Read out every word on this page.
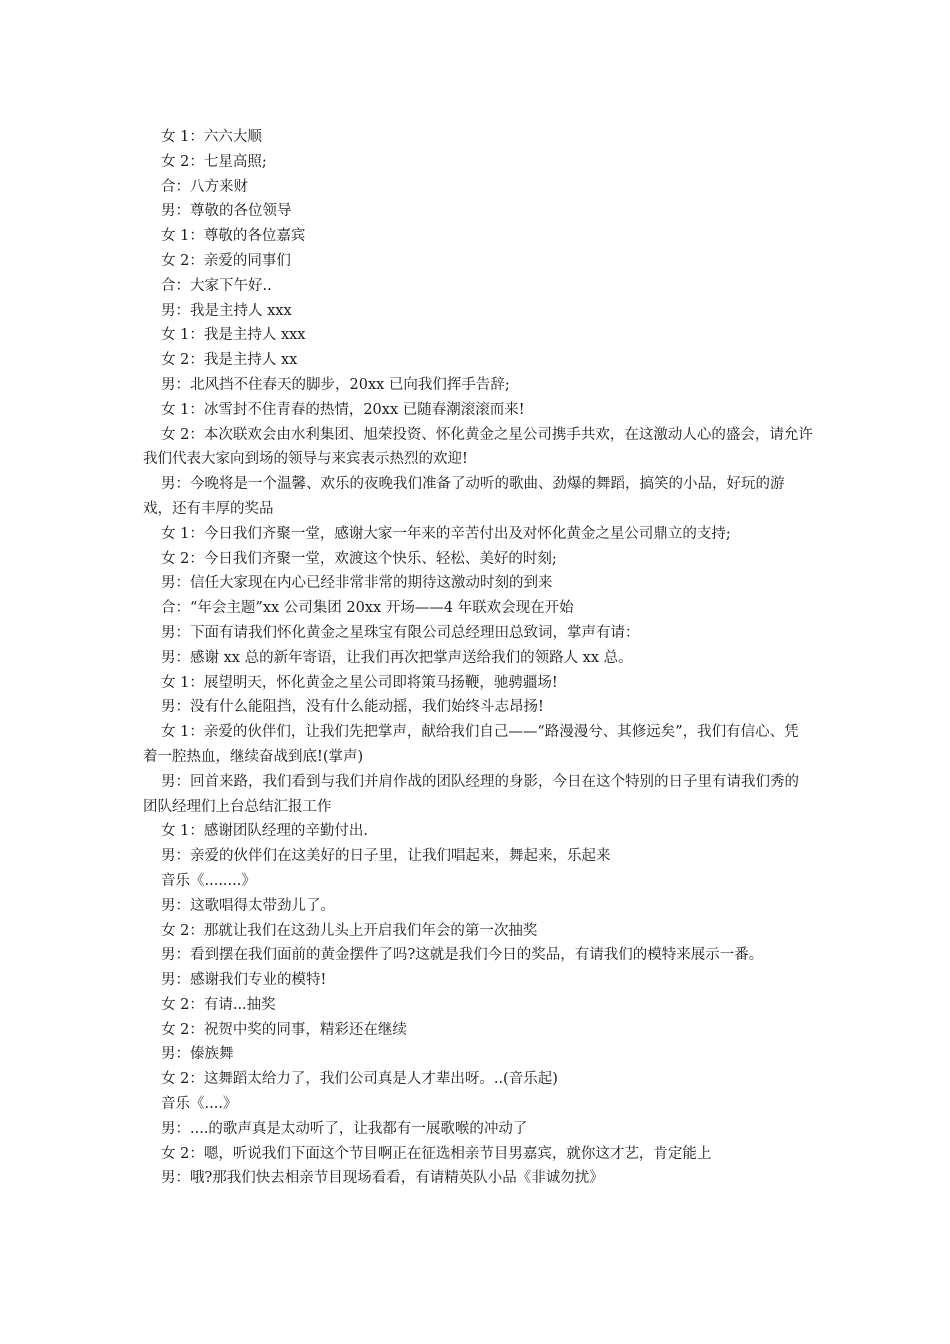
女 1：六六大顺

女 2：七星高照;

合：八方来财

男：尊敬的各位领导

女 1：尊敬的各位嘉宾

女 2：亲爱的同事们

合：大家下午好..

男：我是主持人 xxx

女 1：我是主持人 xxx

女 2：我是主持人 xx

男：北风挡不住春天的脚步，20xx 已向我们挥手告辞;

女 1：冰雪封不住青春的热情，20xx 已随春潮滚滚而来!

女 2：本次联欢会由水利集团、旭荣投资、怀化黄金之星公司携手共欢，在这激动人心的盛会，请允许我们代表大家向到场的领导与来宾表示热烈的欢迎!

男：今晚将是一个温馨、欢乐的夜晚我们准备了动听的歌曲、劲爆的舞蹈，搞笑的小品，好玩的游戏，还有丰厚的奖品

女 1：今日我们齐聚一堂，感谢大家一年来的辛苦付出及对怀化黄金之星公司鼎立的支持;

女 2：今日我们齐聚一堂，欢渡这个快乐、轻松、美好的时刻;

男：信任大家现在内心已经非常非常的期待这激动时刻的到来

合：“年会主题”xx 公司集团 20xx 开场——4 年联欢会现在开始

男：下面有请我们怀化黄金之星珠宝有限公司总经理田总致词，掌声有请：

男：感谢 xx 总的新年寄语，让我们再次把掌声送给我们的领路人 xx 总。

女 1：展望明天，怀化黄金之星公司即将策马扬鞭，驰骋疆场!

男：没有什么能阻挡，没有什么能动摇，我们始终斗志昂扬!

女 1：亲爱的伙伴们，让我们先把掌声，献给我们自己——“路漫漫兮、其修远矣”，我们有信心、凭着一腔热血，继续奋战到底!(掌声)

男：回首来路，我们看到与我们并肩作战的团队经理的身影，今日在这个特别的日子里有请我们秀的团队经理们上台总结汇报工作

女 1：感谢团队经理的辛勤付出.

男：亲爱的伙伴们在这美好的日子里，让我们唱起来，舞起来，乐起来

音乐《........》

男：这歌唱得太带劲儿了。

女 2：那就让我们在这劲儿头上开启我们年会的第一次抽奖

男：看到摆在我们面前的黄金摆件了吗?这就是我们今日的奖品，有请我们的模特来展示一番。

男：感谢我们专业的模特!

女 2：有请...抽奖

女 2：祝贺中奖的同事，精彩还在继续

男：傣族舞

女 2：这舞蹈太给力了，我们公司真是人才辈出呀。..(音乐起)

音乐《....》

男：....的歌声真是太动听了，让我都有一展歌喉的冲动了

女 2：嗯，听说我们下面这个节目啊正在征选相亲节目男嘉宾，就你这才艺，肯定能上

男：哦?那我们快去相亲节目现场看看，有请精英队小品《非诚勿扰》
